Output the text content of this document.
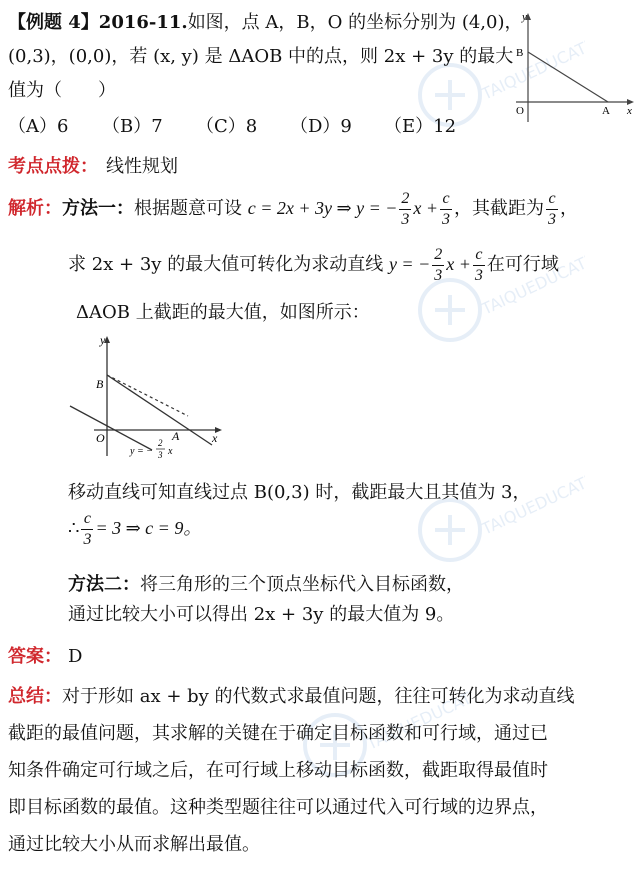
TAIQUEDUCATION
TAIQUEDUCATION
TAIQUEDUCATION
TAIQUEDUCATION
【例题 4】2016-11.如图，点 A，B，O 的坐标分别为 (4,0)，
(0,3)，(0,0)，若 (x, y) 是 ΔAOB 中的点，则 2x + 3y 的最大
值为（　　）
（A）6 （B）7 （C）8 （D）9 （E）12
y
x
B
O	A
考点点拨： 线性规划
解析：方法一：根据题意可设 c = 2x + 3y ⇒ y = − $\frac{2}{3}$ $x + \frac{c}{3}$ ，其截距为 $\frac{c}{3}$ ，
求 2x + 3y 的最大值可转化为求动直线 y = − $\frac{2}{3}$ $x + \frac{c}{3}$ 在可行域
ΔAOB 上截距的最大值，如图所示：
y
x
B
O	A
y = −
2
3 x
移动直线可知直线过点 B(0,3) 时，截距最大且其值为 3，
∴ $\frac{c}{3} = 3$ ⇒ c = 9。
方法二：将三角形的三个顶点坐标代入目标函数，
通过比较大小可以得出 2x + 3y 的最大值为 9。
答案： D
总结：对于形如 ax + by 的代数式求最值问题，往往可转化为求动直线
截距的最值问题，其求解的关键在于确定目标函数和可行域，通过已
知条件确定可行域之后，在可行域上移动目标函数，截距取得最值时
即目标函数的最值。这种类型题往往可以通过代入可行域的边界点，
通过比较大小从而求解出最值。
